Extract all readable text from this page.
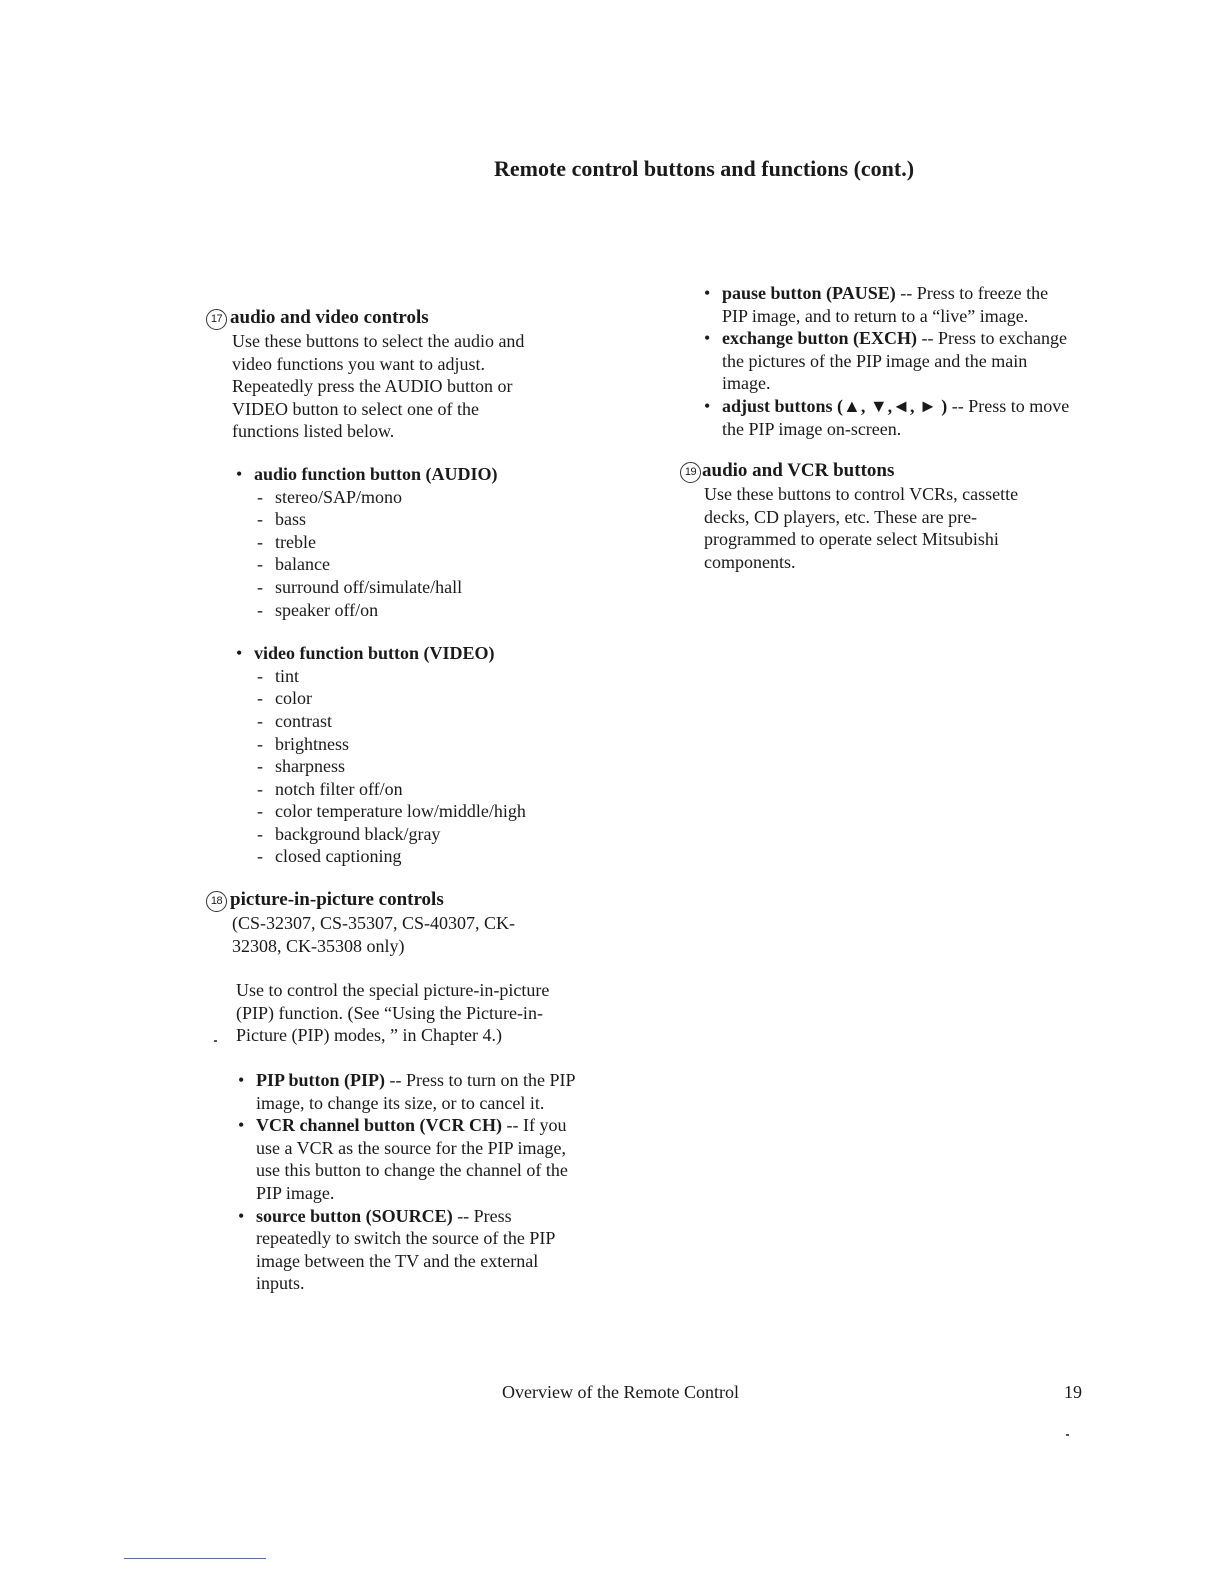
Remote control buttons and functions (cont.)
17 audio and video controls
Use these buttons to select the audio and
video functions you want to adjust.
Repeatedly press the AUDIO button or
VIDEO button to select one of the
functions listed below.
• audio function button (AUDIO)
- stereo/SAP/mono
- bass
- treble
- balance
- surround off/simulate/hall
- speaker off/on
• video function button (VIDEO)
- tint
- color
- contrast
- brightness
- sharpness
- notch filter off/on
- color temperature low/middle/high
- background black/gray
- closed captioning
18 picture-in-picture controls
(CS-32307, CS-35307, CS-40307, CK-
32308, CK-35308 only)
Use to control the special picture-in-picture
(PIP) function. (See “Using the Picture-in-
Picture (PIP) modes, ” in Chapter 4.)
• PIP button (PIP) -- Press to turn on the PIP image, to change its size, or to cancel it.
• VCR channel button (VCR CH) -- If you use a VCR as the source for the PIP image, use this button to change the channel of the PIP image.
• source button (SOURCE) -- Press repeatedly to switch the source of the PIP image between the TV and the external inputs.
• pause button (PAUSE) -- Press to freeze the PIP image, and to return to a “live” image.
• exchange button (EXCH) -- Press to exchange the pictures of the PIP image and the main image.
• adjust buttons (▲, ▼,◄, ► ) -- Press to move the PIP image on-screen.
19 audio and VCR buttons
Use these buttons to control VCRs, cassette
decks, CD players, etc. These are pre-
programmed to operate select Mitsubishi
components.
Overview of the Remote Control	19
